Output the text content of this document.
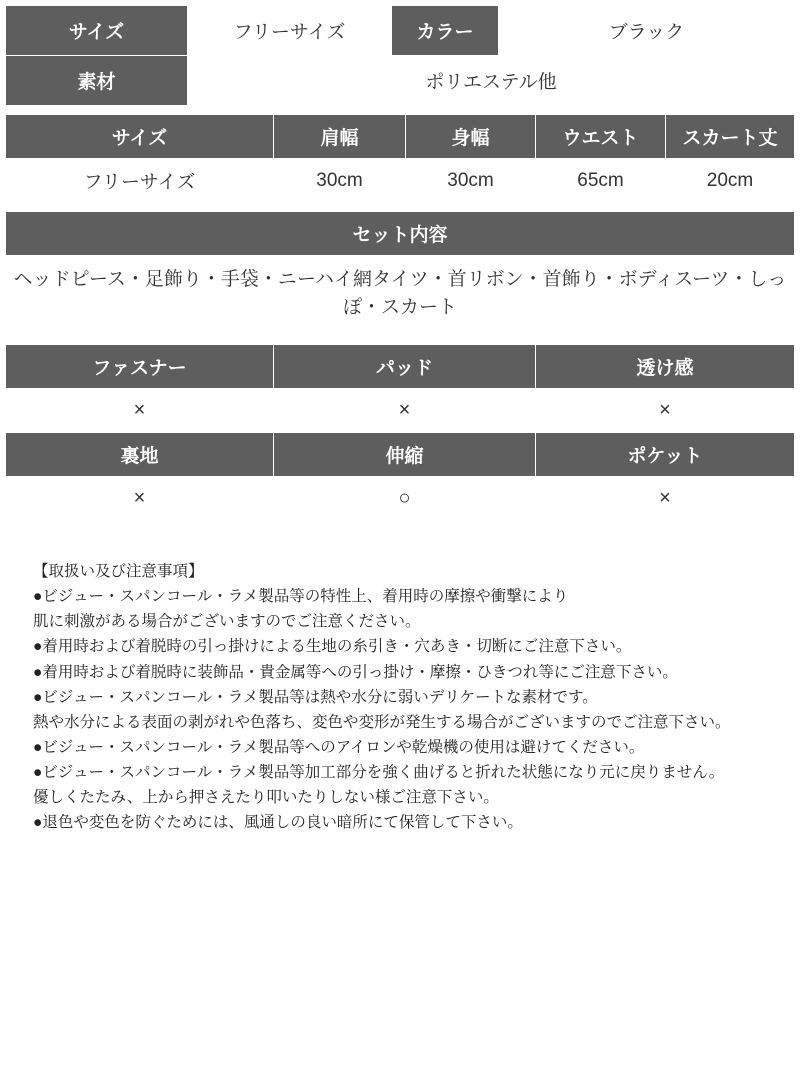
サイズ	フリーサイズ	カラー	ブラック
素材	ポリエステル他		
サイズ	肩幅	身幅	ウエスト	スカート丈
フリーサイズ	30cm	30cm	65cm	20cm
セット内容
ヘッドピース・足飾り・手袋・ニーハイ網タイツ・首リボン・首飾り・ボディスーツ・しっぽ・スカート
ファスナー	パッド	透け感
×	×	×
裏地	伸縮	ポケット
×	○	×
【取扱い及び注意事項】
●ビジュー・スパンコール・ラメ製品等の特性上、着用時の摩擦や衝撃により
肌に刺激がある場合がございますのでご注意ください。
●着用時および着脱時の引っ掛けによる生地の糸引き・穴あき・切断にご注意下さい。
●着用時および着脱時に装飾品・貴金属等への引っ掛け・摩擦・ひきつれ等にご注意下さい。
●ビジュー・スパンコール・ラメ製品等は熱や水分に弱いデリケートな素材です。
熱や水分による表面の剥がれや色落ち、変色や変形が発生する場合がございますのでご注意下さい。
●ビジュー・スパンコール・ラメ製品等へのアイロンや乾燥機の使用は避けてください。
●ビジュー・スパンコール・ラメ製品等加工部分を強く曲げると折れた状態になり元に戻りません。
優しくたたみ、上から押さえたり叩いたりしない様ご注意下さい。
●退色や変色を防ぐためには、風通しの良い暗所にて保管して下さい。
